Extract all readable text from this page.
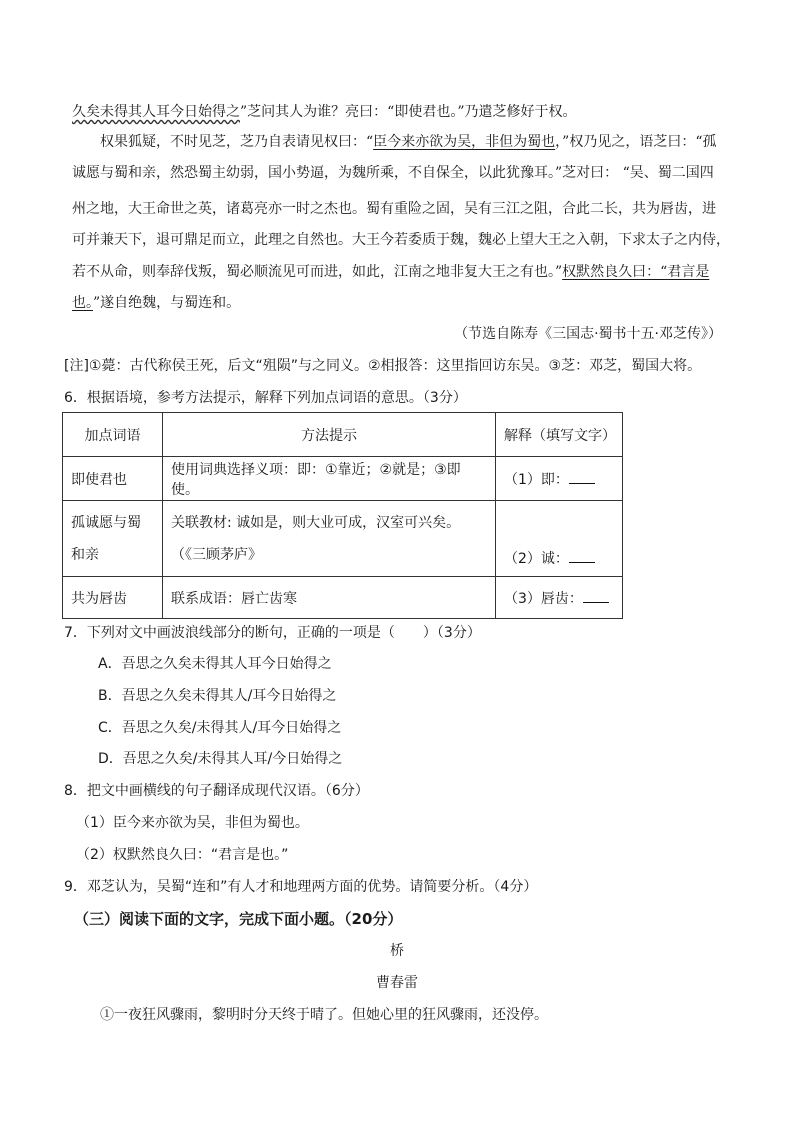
久矣未得其人耳今日始得之”芝问其人为谁？亮曰：“即使君也。”乃遣芝修好于权。
权果狐疑，不时见芝，芝乃自表请见权曰：“臣今来亦欲为吴，非但为蜀也，”权乃见之，语芝曰：“孤
诚愿与蜀和亲，然恐蜀主幼弱，国小势逼，为魏所乘，不自保全，以此犹豫耳。”芝对曰： “吴、蜀二国四
州之地，大王命世之英，诸葛亮亦一时之杰也。蜀有重险之固，吴有三江之阻，合此二长，共为唇齿，进
可并兼天下，退可鼎足而立，此理之自然也。大王今若委质于魏，魏必上望大王之入朝，下求太子之内侍，
若不从命，则奉辞伐叛，蜀必顺流见可而进，如此，江南之地非复大王之有也。”权默然良久曰：“君言是
也。”遂自绝魏，与蜀连和。
（节选自陈寿《三国志·蜀书十五·邓芝传》）
[注]①薨：古代称侯王死，后文“殂陨”与之同义。②相报答：这里指回访东吴。③芝：邓芝，蜀国大将。
6．根据语境，参考方法提示，解释下列加点词语的意思。（3分）
加点词语	方法提示	解释（填写文字）
即使君也	使用词典选择义项：即：①靠近；②就是；③即使。	（1）即：
孤诚愿与蜀和亲	关联教材: 诚如是，则大业可成，汉室可兴矣。（《三顾茅庐》	（2）诚：
共为唇齿	联系成语：唇亡齿寒	（3）唇齿：
7．下列对文中画波浪线部分的断句，正确的一项是（　　）（3分）
A．吾思之久矣未得其人耳今日始得之
B．吾思之久矣未得其人/耳今日始得之
C．吾思之久矣/未得其人/耳今日始得之
D．吾思之久矣/未得其人耳/今日始得之
8．把文中画横线的句子翻译成现代汉语。（6分）
（1）臣今来亦欲为吴，非但为蜀也。
（2）权默然良久曰：“君言是也。”
9．邓芝认为，吴蜀“连和”有人才和地理两方面的优势。请简要分析。（4分）
（三）阅读下面的文字，完成下面小题。（20分）
桥
曹春雷
①一夜狂风骤雨，黎明时分天终于晴了。但她心里的狂风骤雨，还没停。
